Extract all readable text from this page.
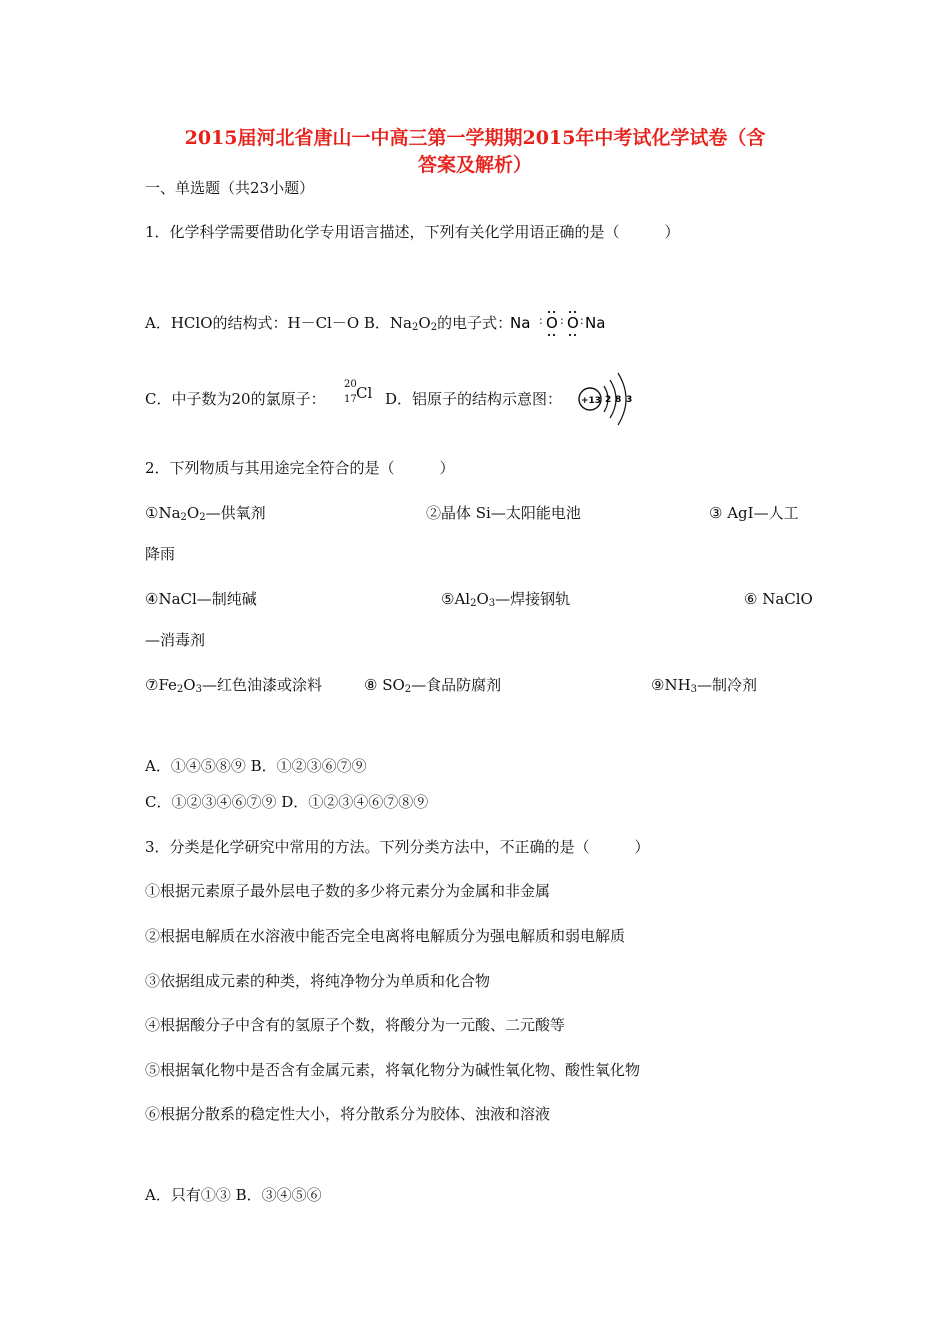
2015届河北省唐山一中高三第一学期期2015年中考试化学试卷（含
答案及解析）
一、单选题（共23小题）
1．化学科学需要借助化学专用语言描述，下列有关化学用语正确的是（　　　）
A．HClO的结构式：H－Cl－O B．$Na_2O_2$的电子式：
Na : O : O : Na
C．中子数为20的氯原子：
20
17 Cl D．铝原子的结构示意图： +13 2 8 3
2．下列物质与其用途完全符合的是（　　　）
$①Na_2O_2—$供氧剂	②晶体 Si—太阳能电池	③ AgI—人工
降雨
④NaCl—制纯碱	$⑤Al_2O_3—$焊接钢轨	⑥ NaClO
—消毒剂
$⑦Fe_2O_3—$红色油漆或涂料	⑧ $SO_2—$食品防腐剂	$⑨NH_3—$制冷剂
A．①④⑤⑧⑨ B．①②③⑥⑦⑨
C．①②③④⑥⑦⑨ D．①②③④⑥⑦⑧⑨
3．分类是化学研究中常用的方法。下列分类方法中，不正确的是（　　　）
①根据元素原子最外层电子数的多少将元素分为金属和非金属
②根据电解质在水溶液中能否完全电离将电解质分为强电解质和弱电解质
③依据组成元素的种类，将纯净物分为单质和化合物
④根据酸分子中含有的氢原子个数，将酸分为一元酸、二元酸等
⑤根据氧化物中是否含有金属元素，将氧化物分为碱性氧化物、酸性氧化物
⑥根据分散系的稳定性大小，将分散系分为胶体、浊液和溶液
A．只有①③ B．③④⑤⑥
